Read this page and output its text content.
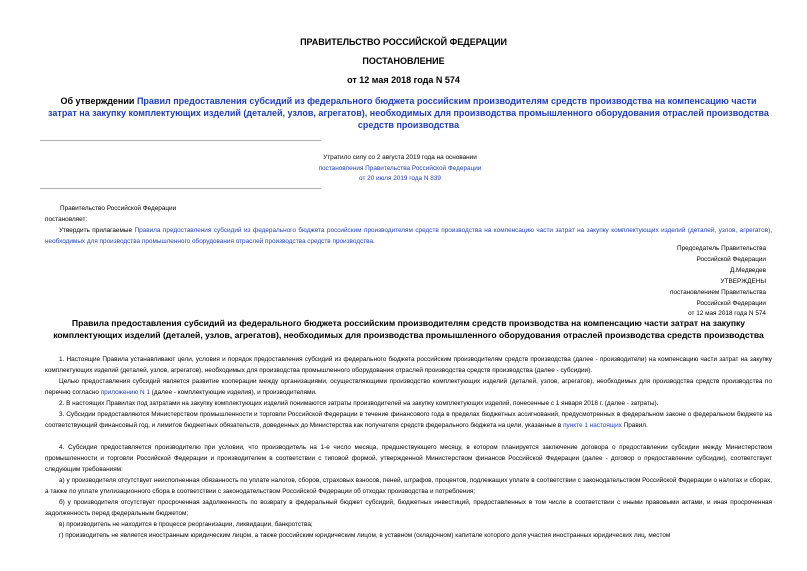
ПРАВИТЕЛЬСТВО РОССИЙСКОЙ ФЕДЕРАЦИИ
ПОСТАНОВЛЕНИЕ
от 12 мая 2018 года N 574
Об утверждении Правил предоставления субсидий из федерального бюджета российским производителям средств производства на компенсацию части затрат на закупку комплектующих изделий (деталей, узлов, агрегатов), необходимых для производства промышленного оборудования отраслей производства средств производства
Утратило силу со 2 августа 2019 года на основании
постановления Правительства Российской Федерации
от 20 июля 2019 года N 839
Правительство Российской Федерации
постановляет:
Утвердить прилагаемые Правила предоставления субсидий из федерального бюджета российским производителям средств производства на компенсацию части затрат на закупку комплектующих изделий (деталей, узлов, агрегатов), необходимых для производства промышленного оборудования отраслей производства средств производства.
Председатель Правительства
Российской Федерации
Д.Медведев
УТВЕРЖДЕНЫ
постановлением Правительства
Российской Федерации
от 12 мая 2018 года N 574
Правила предоставления субсидий из федерального бюджета российским производителям средств производства на компенсацию части затрат на закупку комплектующих изделий (деталей, узлов, агрегатов), необходимых для производства промышленного оборудования отраслей производства средств производства
1. Настоящие Правила устанавливают цели, условия и порядок предоставления субсидий из федерального бюджета российским производителям средств производства (далее - производители) на компенсацию части затрат на закупку комплектующих изделий (деталей, узлов, агрегатов), необходимых для производства промышленного оборудования отраслей производства средств производства (далее - субсидии).
Целью предоставления субсидий является развитие кооперации между организациями, осуществляющими производство комплектующих изделий (деталей, узлов, агрегатов), необходимых для производства средств производства по перечню согласно приложению N 1 (далее - комплектующие изделия), и производителями.
2. В настоящих Правилах под затратами на закупку комплектующих изделий понимаются затраты производителей на закупку комплектующих изделий, понесенные с 1 января 2018 г. (далее - затраты).
3. Субсидии предоставляются Министерством промышленности и торговли Российской Федерации в течение финансового года в пределах бюджетных ассигнований, предусмотренных в федеральном законе о федеральном бюджете на соответствующий финансовый год, и лимитов бюджетных обязательств, доведенных до Министерства как получателя средств федерального бюджета на цели, указанные в пункте 1 настоящих Правил.
4. Субсидия предоставляется производителю при условии, что производитель на 1-е число месяца, предшествующего месяцу, в котором планируется заключение договора о предоставлении субсидии между Министерством промышленности и торговли Российской Федерации и производителем в соответствии с типовой формой, утвержденной Министерством финансов Российской Федерации (далее - договор о предоставлении субсидии), соответствует следующим требованиям:
а) у производителя отсутствует неисполненная обязанность по уплате налогов, сборов, страховых взносов, пеней, штрафов, процентов, подлежащих уплате в соответствии с законодательством Российской Федерации о налогах и сборах, а также по уплате утилизационного сбора в соответствии с законодательством Российской Федерации об отходах производства и потребления;
б) у производителя отсутствует просроченная задолженность по возврату в федеральный бюджет субсидий, бюджетных инвестиций, предоставленных в том числе в соответствии с иными правовыми актами, и иная просроченная задолженность перед федеральным бюджетом;
в) производитель не находится в процессе реорганизации, ликвидации, банкротства;
г) производитель не является иностранным юридическим лицом, а также российским юридическим лицом, в уставном (складочном) капитале которого доля участия иностранных юридических лиц, местом
